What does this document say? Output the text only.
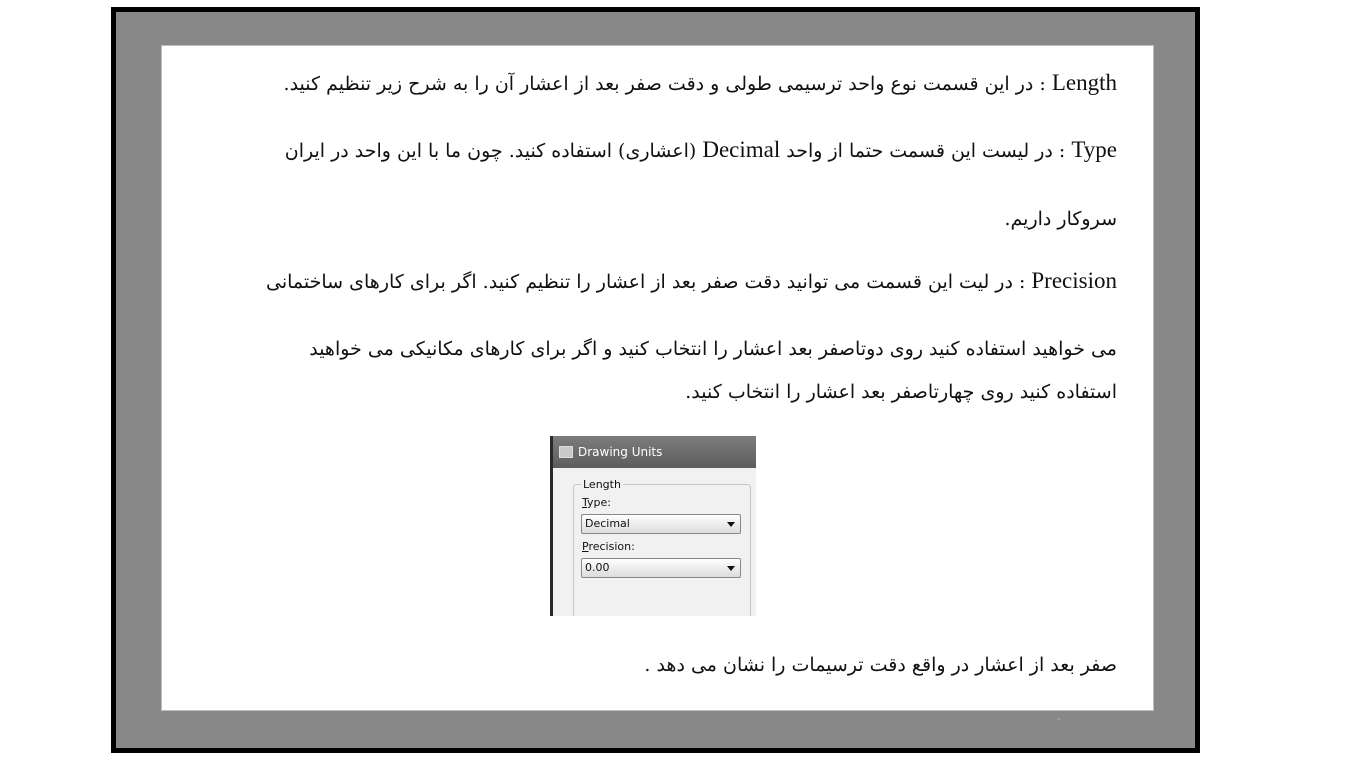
Length : در این قسمت نوع واحد ترسیمی طولی و دقت صفر بعد از اعشار آن را به شرح زیر تنظیم کنید.
Type : در لیست این قسمت حتما از واحد Decimal (اعشاری) استفاده کنید. چون ما با این واحد در ایران
سروکار داریم.
Precision : در لیت این قسمت می توانید دقت صفر بعد از اعشار را تنظیم کنید. اگر برای کارهای ساختمانی
می خواهید استفاده کنید روی دوتاصفر بعد اعشار را انتخاب کنید و اگر برای کارهای مکانیکی می خواهید
استفاده کنید روی چهارتاصفر بعد اعشار را انتخاب کنید.
Drawing Units
Length
Type:
Decimal
Precision:
0.00
صفر بعد از اعشار در واقع دقت ترسیمات را نشان می دهد .
